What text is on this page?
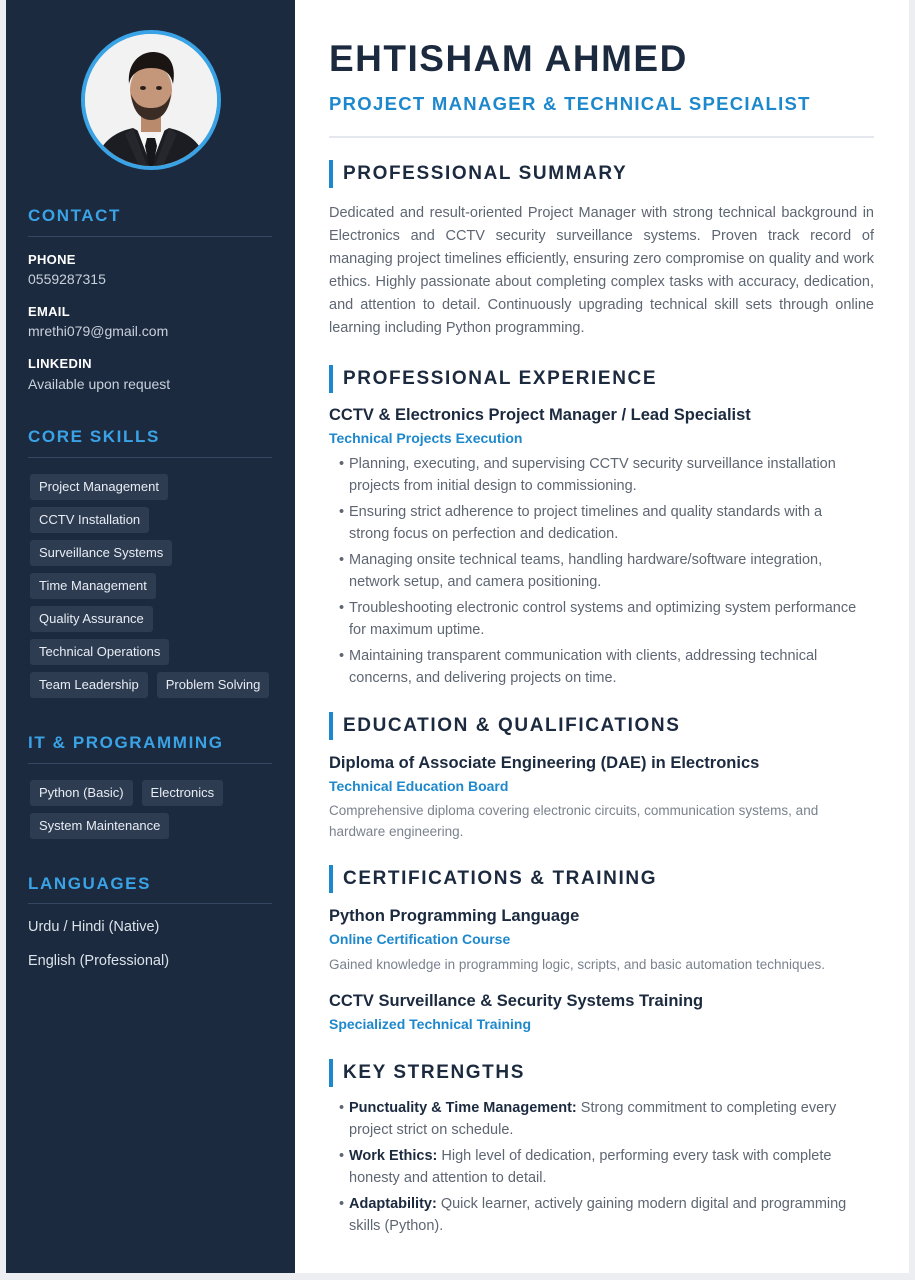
CONTACT
PHONE
0559287315
EMAIL
mrethi079@gmail.com
LINKEDIN
Available upon request
CORE SKILLS
Project Management
CCTV Installation
Surveillance Systems
Time Management
Quality Assurance
Technical Operations
Team Leadership	Problem Solving
IT & PROGRAMMING
Python (Basic)	Electronics
System Maintenance
LANGUAGES
Urdu / Hindi (Native)
English (Professional)
EHTISHAM AHMED
PROJECT MANAGER & TECHNICAL SPECIALIST
PROFESSIONAL SUMMARY

Dedicated and result-oriented Project Manager with strong technical background in Electronics and CCTV security surveillance systems. Proven track record of managing project timelines efficiently, ensuring zero compromise on quality and work ethics. Highly passionate about completing complex tasks with accuracy, dedication, and attention to detail. Continuously upgrading technical skill sets through online learning including Python programming.

PROFESSIONAL EXPERIENCE
CCTV & Electronics Project Manager / Lead Specialist
Technical Projects Execution
• Planning, executing, and supervising CCTV security surveillance installation projects from initial design to commissioning.
• Ensuring strict adherence to project timelines and quality standards with a strong focus on perfection and dedication.
• Managing onsite technical teams, handling hardware/software integration, network setup, and camera positioning.
• Troubleshooting electronic control systems and optimizing system performance for maximum uptime.
• Maintaining transparent communication with clients, addressing technical concerns, and delivering projects on time.
EDUCATION & QUALIFICATIONS
Diploma of Associate Engineering (DAE) in Electronics
Technical Education Board

Comprehensive diploma covering electronic circuits, communication systems, and hardware engineering.

CERTIFICATIONS & TRAINING
Python Programming Language
Online Certification Course

Gained knowledge in programming logic, scripts, and basic automation techniques.

CCTV Surveillance & Security Systems Training
Specialized Technical Training
KEY STRENGTHS
• Punctuality & Time Management: Strong commitment to completing every project strict on schedule.
• Work Ethics: High level of dedication, performing every task with complete honesty and attention to detail.
• Adaptability: Quick learner, actively gaining modern digital and programming skills (Python).
